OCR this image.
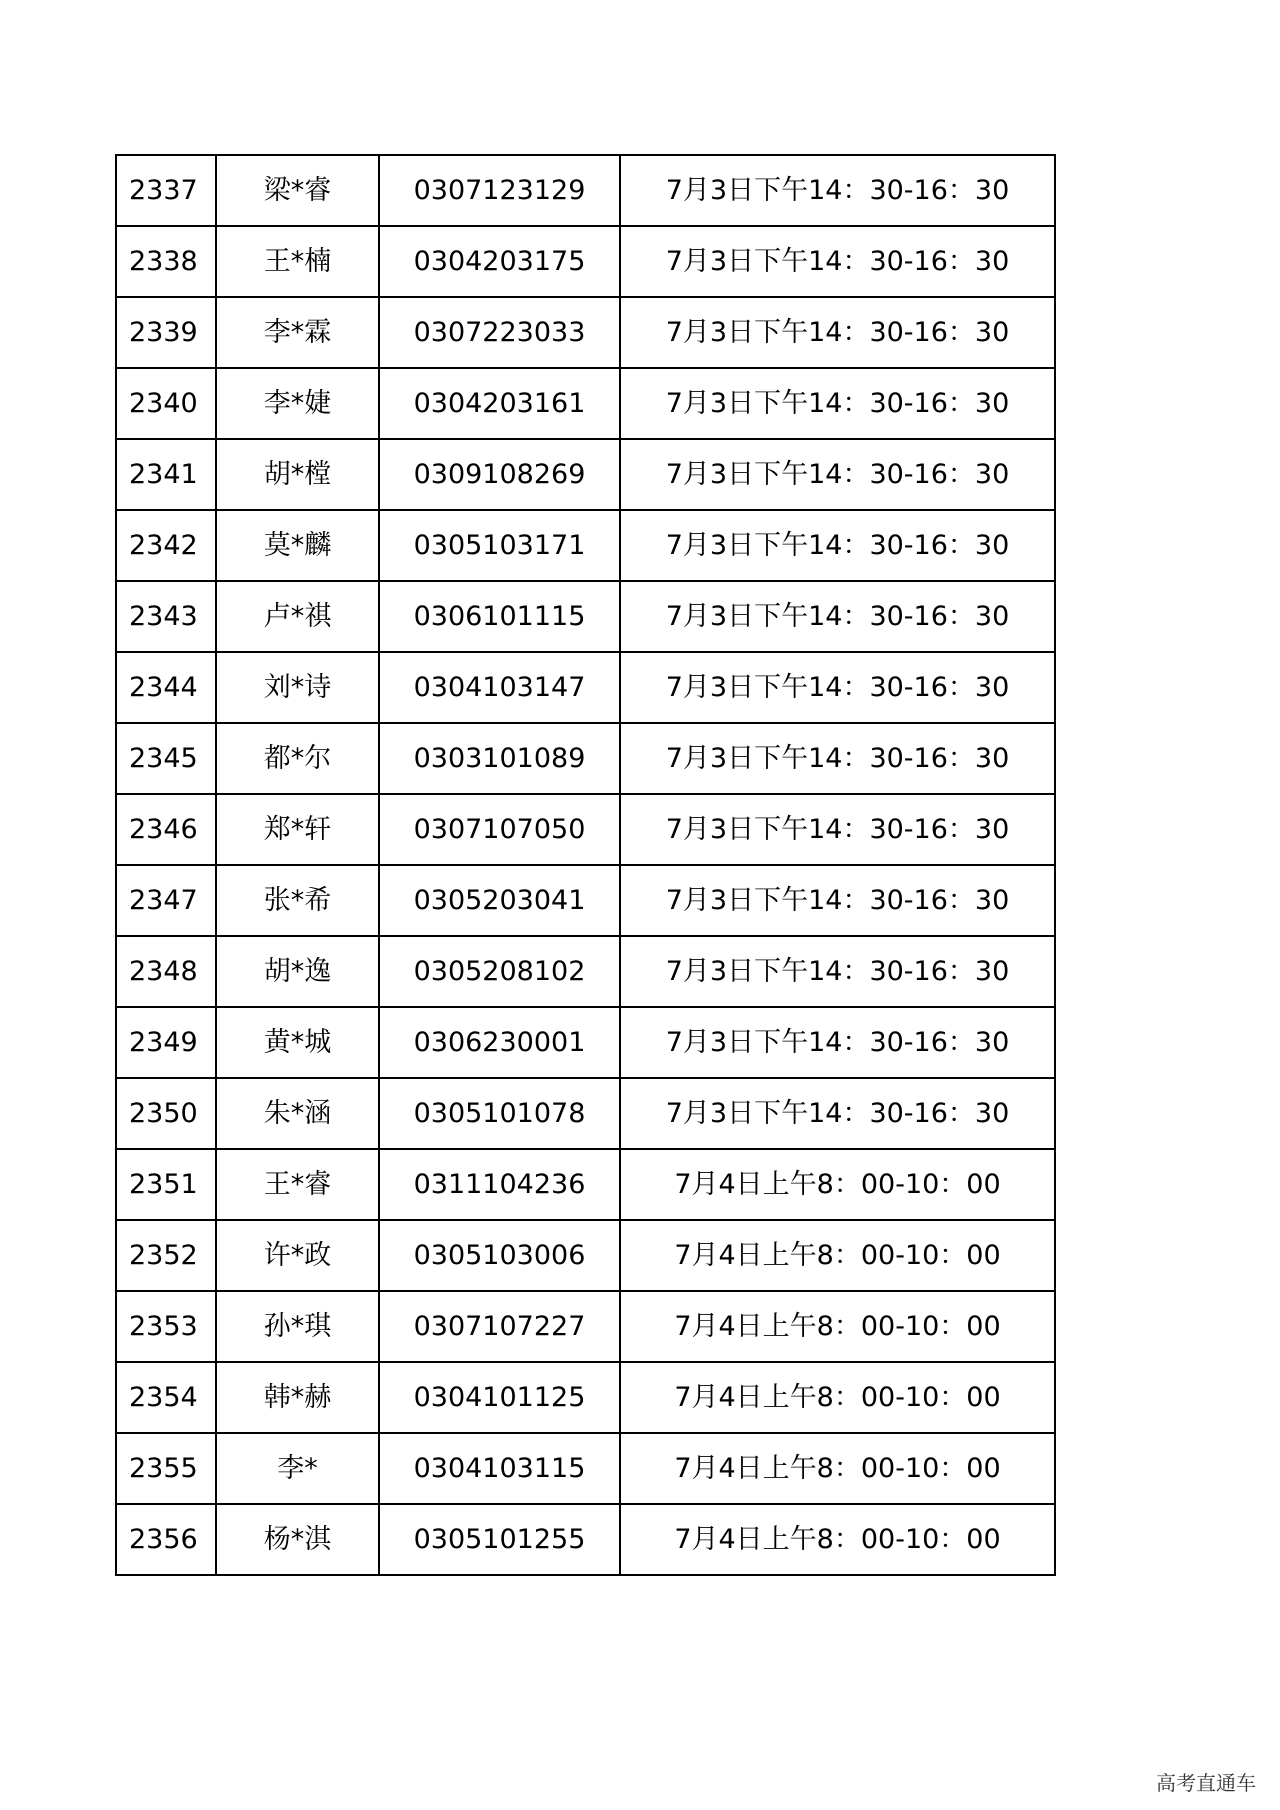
2337	梁*睿	0307123129	7月3日下午14：30-16：30
2338	王*楠	0304203175	7月3日下午14：30-16：30
2339	李*霖	0307223033	7月3日下午14：30-16：30
2340	李*婕	0304203161	7月3日下午14：30-16：30
2341	胡*樘	0309108269	7月3日下午14：30-16：30
2342	莫*麟	0305103171	7月3日下午14：30-16：30
2343	卢*祺	0306101115	7月3日下午14：30-16：30
2344	刘*诗	0304103147	7月3日下午14：30-16：30
2345	都*尔	0303101089	7月3日下午14：30-16：30
2346	郑*轩	0307107050	7月3日下午14：30-16：30
2347	张*希	0305203041	7月3日下午14：30-16：30
2348	胡*逸	0305208102	7月3日下午14：30-16：30
2349	黄*城	0306230001	7月3日下午14：30-16：30
2350	朱*涵	0305101078	7月3日下午14：30-16：30
2351	王*睿	0311104236	7月4日上午8：00-10：00
2352	许*政	0305103006	7月4日上午8：00-10：00
2353	孙*琪	0307107227	7月4日上午8：00-10：00
2354	韩*赫	0304101125	7月4日上午8：00-10：00
2355	李*	0304103115	7月4日上午8：00-10：00
2356	杨*淇	0305101255	7月4日上午8：00-10：00
高考直通车
